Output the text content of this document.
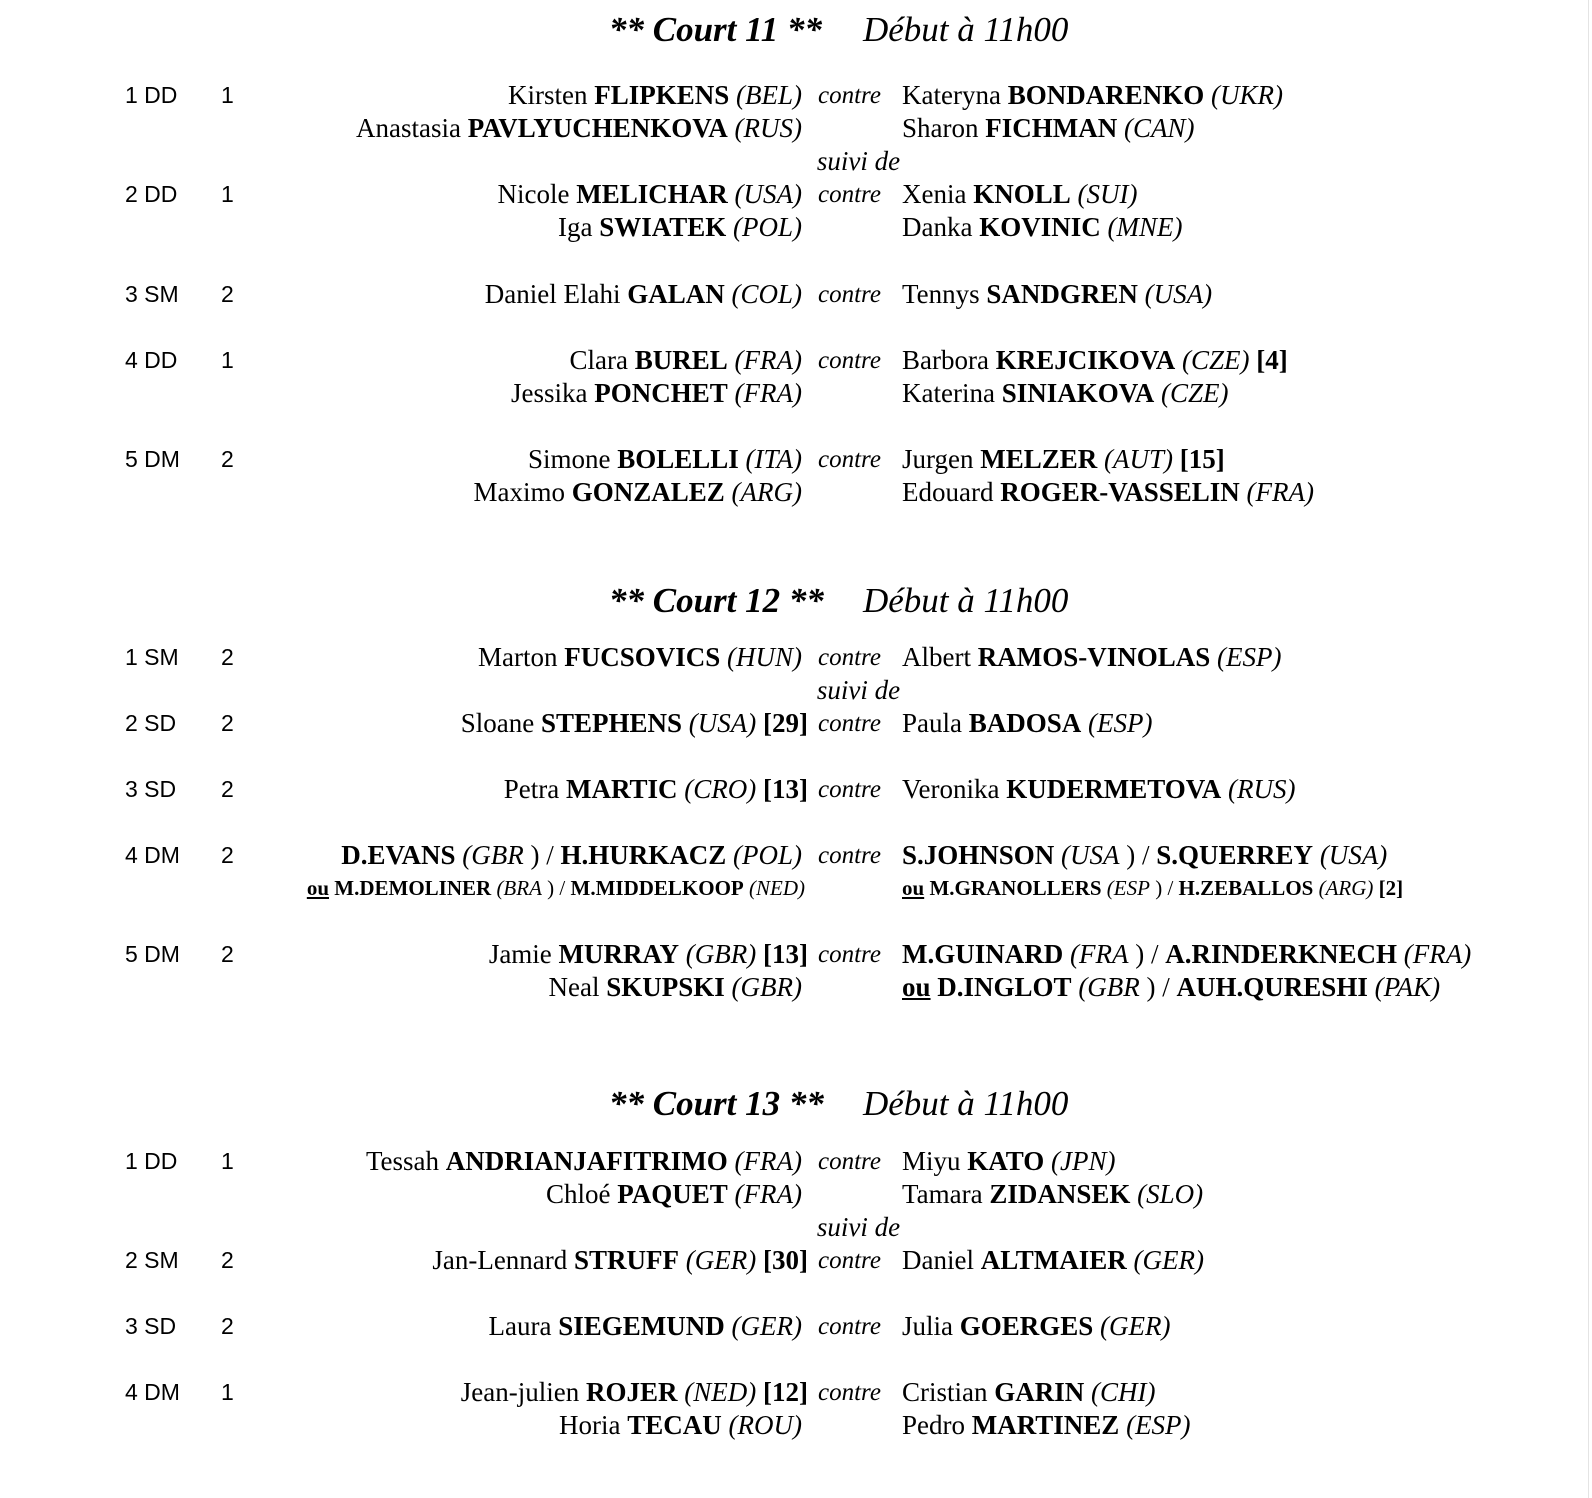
** Court 11 ** Début à 11h00
1 DD 1	Kirsten FLIPKENS (BEL) contre Kateryna BONDARENKO (UKR)
Anastasia PAVLYUCHENKOVA (RUS)	Sharon FICHMAN (CAN)
suivi de
2 DD 1	Nicole MELICHAR (USA) contre Xenia KNOLL (SUI)
Iga SWIATEK (POL)	Danka KOVINIC (MNE)
3 SM 2	Daniel Elahi GALAN (COL) contre Tennys SANDGREN (USA)
4 DD 1	Clara BUREL (FRA) contre Barbora KREJCIKOVA (CZE) [4]
Jessika PONCHET (FRA)	Katerina SINIAKOVA (CZE)
5 DM 2	Simone BOLELLI (ITA) contre Jurgen MELZER (AUT) [15]
Maximo GONZALEZ (ARG)	Edouard ROGER-VASSELIN (FRA)
** Court 12 ** Début à 11h00
1 SM 2	Marton FUCSOVICS (HUN) contre Albert RAMOS-VINOLAS (ESP)
suivi de
2 SD 2	Sloane STEPHENS (USA) [29] contre Paula BADOSA (ESP)
3 SD 2	Petra MARTIC (CRO) [13] contre Veronika KUDERMETOVA (RUS)
4 DM 2	D.EVANS (GBR ) / H.HURKACZ (POL) contre S.JOHNSON (USA ) / S.QUERREY (USA)
ou M.DEMOLINER (BRA ) / M.MIDDELKOOP (NED)	ou M.GRANOLLERS (ESP ) / H.ZEBALLOS (ARG) [2]
5 DM 2	Jamie MURRAY (GBR) [13] contre M.GUINARD (FRA ) / A.RINDERKNECH (FRA)
Neal SKUPSKI (GBR)	ou D.INGLOT (GBR ) / AUH.QURESHI (PAK)
** Court 13 ** Début à 11h00
1 DD 1	Tessah ANDRIANJAFITRIMO (FRA) contre Miyu KATO (JPN)
Chloé PAQUET (FRA)	Tamara ZIDANSEK (SLO)
suivi de
2 SM 2	Jan-Lennard STRUFF (GER) [30] contre Daniel ALTMAIER (GER)
3 SD 2	Laura SIEGEMUND (GER) contre Julia GOERGES (GER)
4 DM 1	Jean-julien ROJER (NED) [12] contre Cristian GARIN (CHI)
Horia TECAU (ROU)	Pedro MARTINEZ (ESP)
